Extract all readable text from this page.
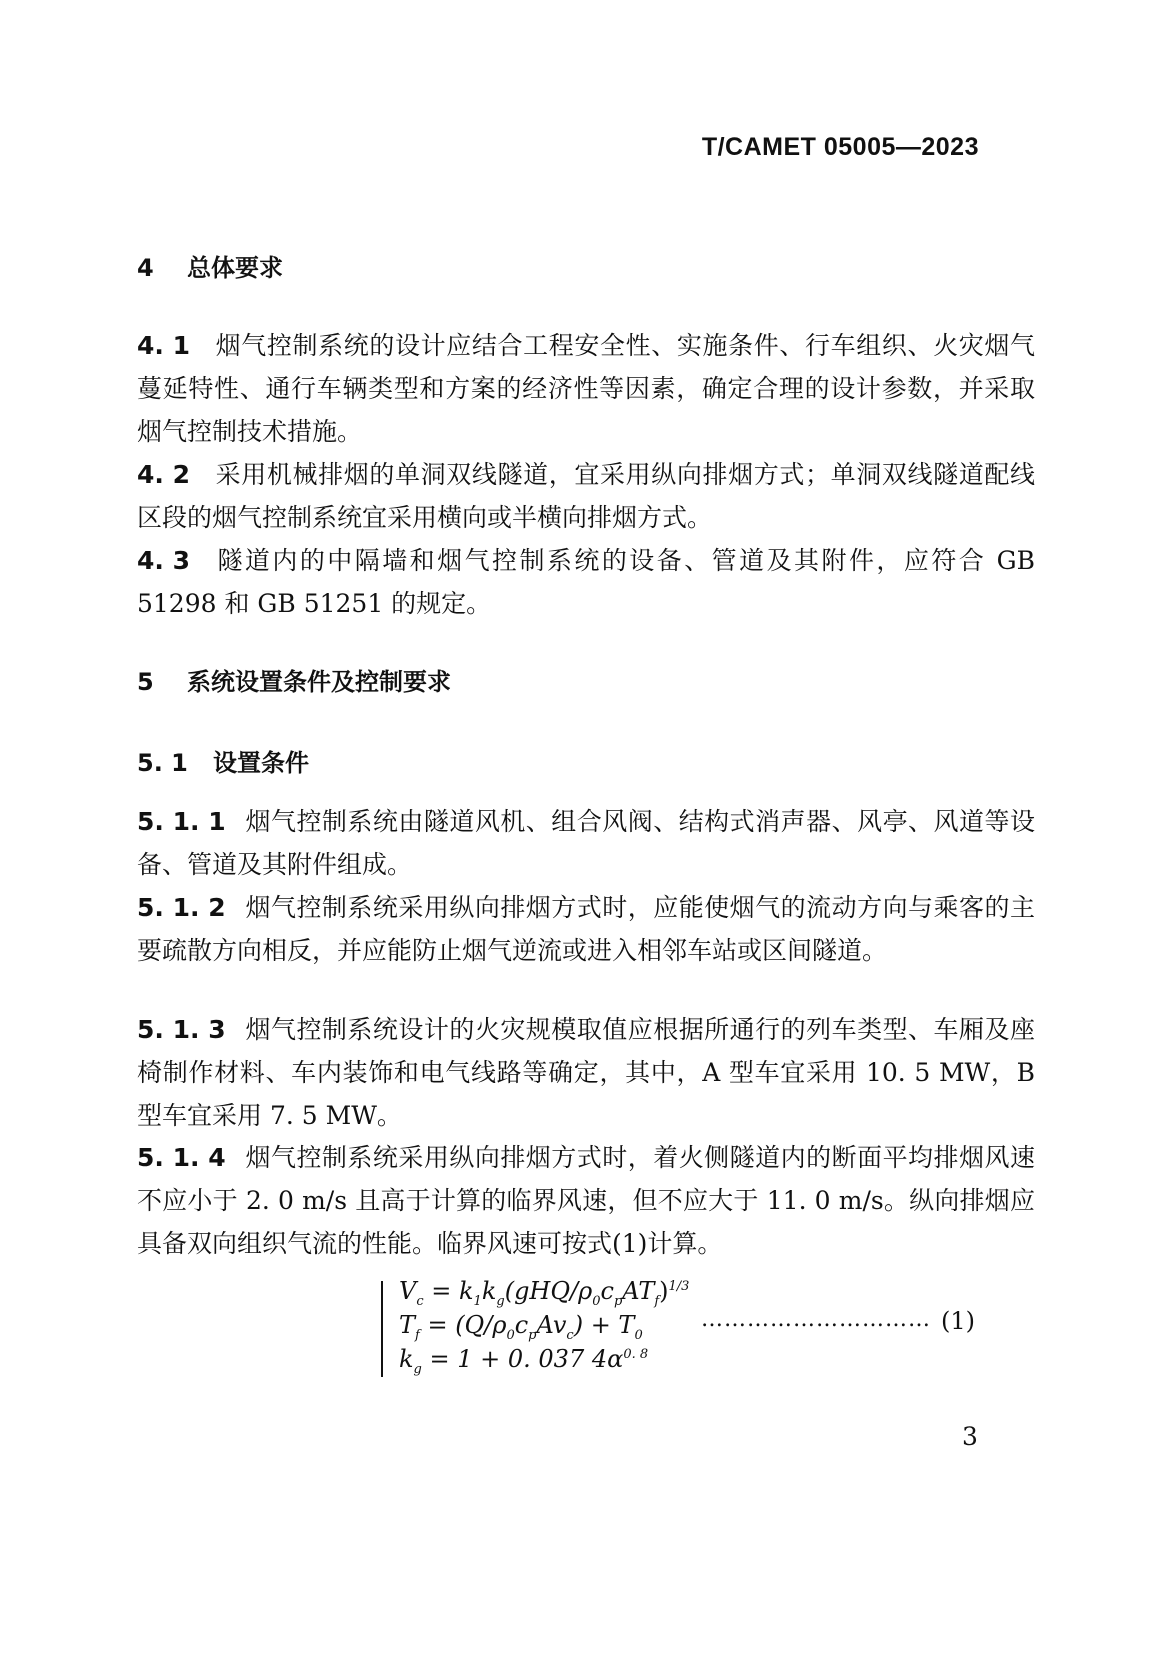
T/CAMET 05005—2023
4 总体要求
4. 1 烟气控制系统的设计应结合工程安全性、实施条件、行车组织、火灾烟气蔓延特性、通行车辆类型和方案的经济性等因素，确定合理的设计参数，并采取烟气控制技术措施。
4. 2 采用机械排烟的单洞双线隧道，宜采用纵向排烟方式；单洞双线隧道配线区段的烟气控制系统宜采用横向或半横向排烟方式。
4. 3 隧道内的中隔墙和烟气控制系统的设备、管道及其附件，应符合 GB 51298 和 GB 51251 的规定。
5 系统设置条件及控制要求
5. 1 设置条件
5. 1. 1 烟气控制系统由隧道风机、组合风阀、结构式消声器、风亭、风道等设备、管道及其附件组成。
5. 1. 2 烟气控制系统采用纵向排烟方式时，应能使烟气的流动方向与乘客的主要疏散方向相反，并应能防止烟气逆流或进入相邻车站或区间隧道。
5. 1. 3 烟气控制系统设计的火灾规模取值应根据所通行的列车类型、车厢及座椅制作材料、车内装饰和电气线路等确定，其中，A 型车宜采用 10. 5 MW，B 型车宜采用 7. 5 MW。
5. 1. 4 烟气控制系统采用纵向排烟方式时，着火侧隧道内的断面平均排烟风速不应小于 2. 0 m/s 且高于计算的临界风速，但不应大于 11. 0 m/s。纵向排烟应具备双向组织气流的性能。临界风速可按式(1)计算。
$V_c = k_1k_g(gHQ/\rho_0c_pAT_f)^{1/3}$
$T_f = (Q/\rho_0c_pAv_c) + T_0$
$k_g = 1 + 0$. 037 $4\alpha^{0. 8}$
………………………… (1)
3
